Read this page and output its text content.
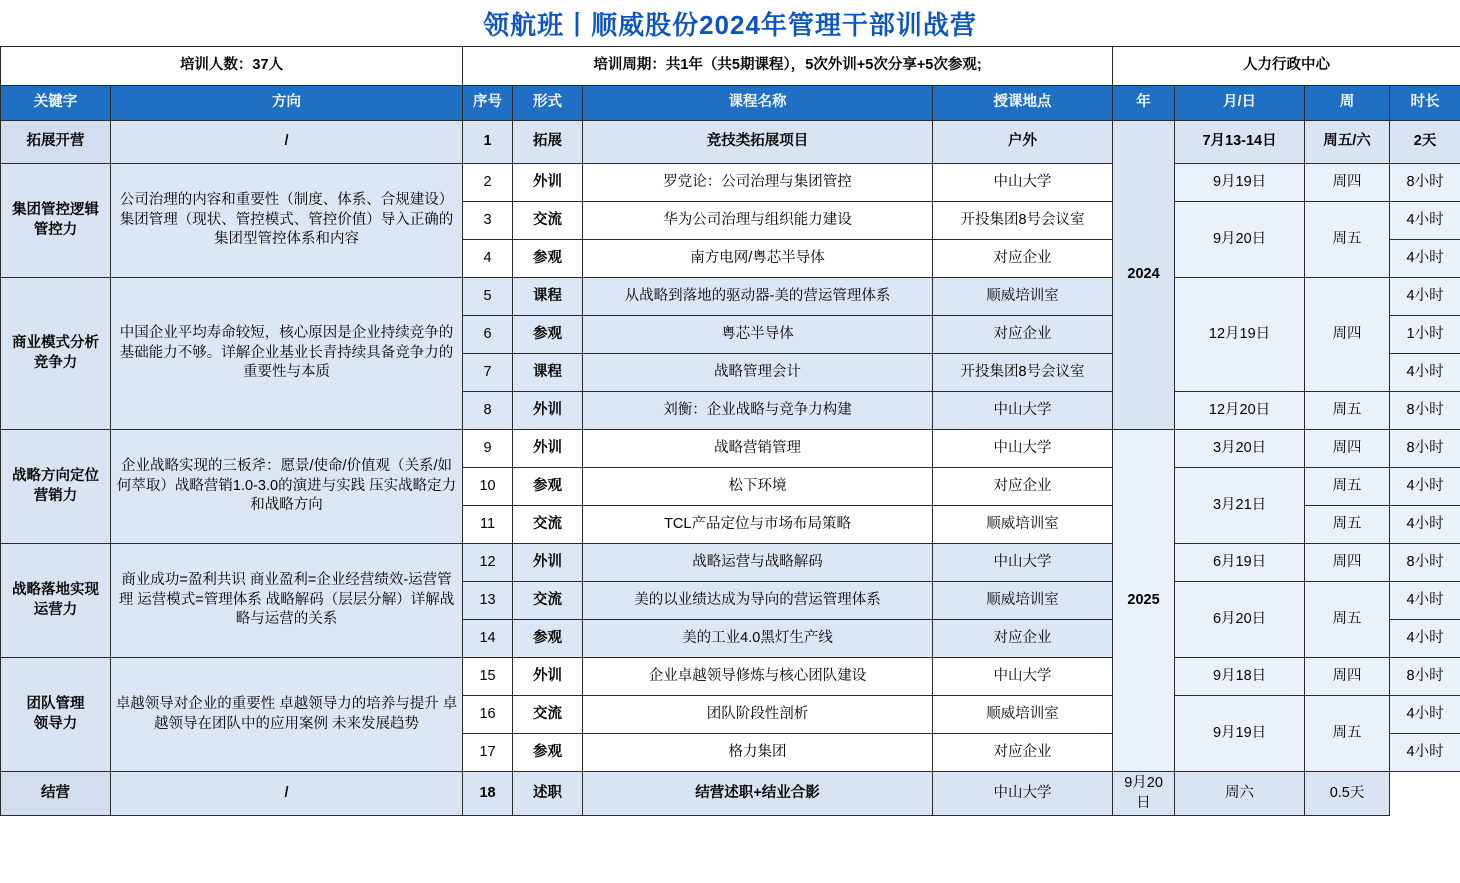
领航班丨顺威股份2024年管理干部训战营
培训人数：37人		培训周期：共1年（共5期课程），5次外训+5次分享+5次参观;				人力行政中心			
关键字	方向	序号	形式	课程名称	授课地点	年	月/日	周	时长
拓展开营	/	1	拓展	竞技类拓展项目	户外	2024	7月13-14日	周五/六	2天

集团管控逻辑
管控力	公司治理的内容和重要性（制度、体系、合规建设）集团管理（现状、管控模式、管控价值）导入正确的集团型管控体系和内容	2	外训	罗党论：公司治理与集团管控	中山大学		9月19日	周四	8小时
		3	交流	华为公司治理与组织能力建设	开投集团8号会议室		9月20日	周五	4小时
		4	参观	南方电网/粤芯半导体	对应企业				4小时

商业模式分析
竞争力	中国企业平均寿命较短，核心原因是企业持续竞争的基础能力不够。详解企业基业长青持续具备竞争力的重要性与本质	5	课程	从战略到落地的驱动器-美的营运管理体系	顺威培训室		12月19日	周四	4小时
		6	参观	粤芯半导体	对应企业				1小时
		7	课程	战略管理会计	开投集团8号会议室				4小时
		8	外训	刘衡：企业战略与竞争力构建	中山大学		12月20日	周五	8小时

战略方向定位
营销力	企业战略实现的三板斧：愿景/使命/价值观（关系/如何萃取）战略营销1.0-3.0的演进与实践 压实战略定力和战略方向	9	外训	战略营销管理	中山大学	2025	3月20日	周四	8小时
		10	参观	松下环境	对应企业		3月21日	周五	4小时
		11	交流	TCL产品定位与市场布局策略	顺威培训室			周五	4小时

战略落地实现
运营力	商业成功=盈利共识 商业盈利=企业经营绩效-运营管理 运营模式=管理体系 战略解码（层层分解）详解战略与运营的关系	12	外训	战略运营与战略解码	中山大学		6月19日	周四	8小时
		13	交流	美的以业绩达成为导向的营运管理体系	顺威培训室		6月20日	周五	4小时
		14	参观	美的工业4.0黑灯生产线	对应企业				4小时

团队管理
领导力	卓越领导对企业的重要性 卓越领导力的培养与提升 卓越领导在团队中的应用案例 未来发展趋势	15	外训	企业卓越领导修炼与核心团队建设	中山大学		9月18日	周四	8小时
		16	交流	团队阶段性剖析	顺威培训室		9月19日	周五	4小时
		17	参观	格力集团	对应企业				4小时
结营	/	18	述职	结营述职+结业合影	中山大学	9月20日	周六	0.5天	
